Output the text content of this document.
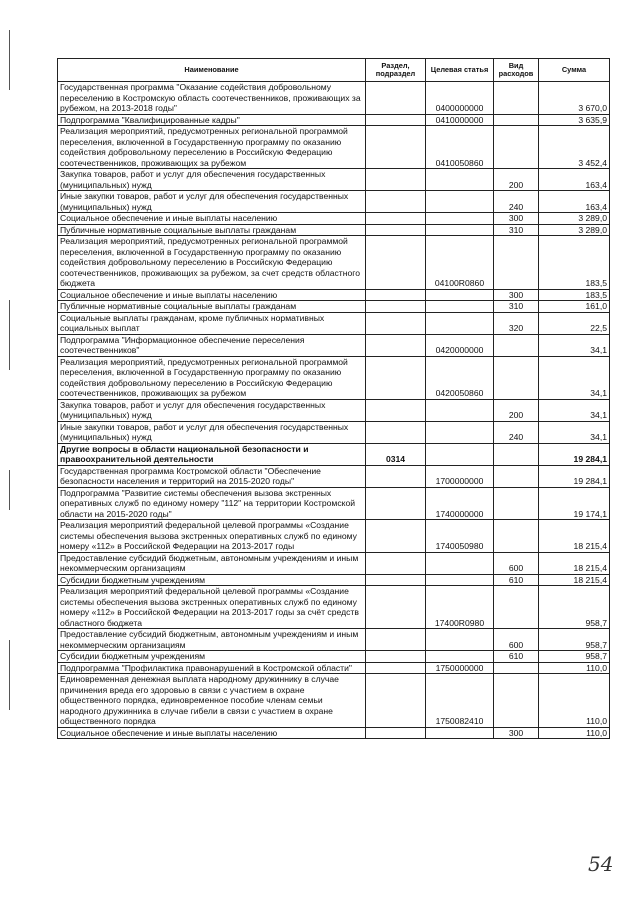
Наименование	Раздел, подраздел	Целевая статья	Вид расходов	Сумма
Государственная программа "Оказание содействия добровольному переселению в Костромскую область соотечественников, проживающих за рубежом, на 2013-2018 годы"		0400000000		3 670,0
Подпрограмма "Квалифицированные кадры"		0410000000		3 635,9
Реализация мероприятий, предусмотренных региональной программой переселения, включенной в Государственную программу по оказанию содействия добровольному переселению в Российскую Федерацию соотечественников, проживающих за рубежом		0410050860		3 452,4
Закупка товаров, работ и услуг для обеспечения государственных (муниципальных) нужд			200	163,4
Иные закупки товаров, работ и услуг для обеспечения государственных (муниципальных) нужд			240	163,4
Социальное обеспечение и иные выплаты населению			300	3 289,0
Публичные нормативные социальные выплаты гражданам			310	3 289,0
Реализация мероприятий, предусмотренных региональной программой переселения, включенной в Государственную программу по оказанию содействия добровольному переселению в Российскую Федерацию соотечественников, проживающих за рубежом, за счет средств областного бюджета		04100R0860		183,5
Социальное обеспечение и иные выплаты населению			300	183,5
Публичные нормативные социальные выплаты гражданам			310	161,0
Социальные выплаты гражданам, кроме публичных нормативных социальных выплат			320	22,5
Подпрограмма "Информационное обеспечение переселения соотечественников"		0420000000		34,1
Реализация мероприятий, предусмотренных региональной программой переселения, включенной в Государственную программу по оказанию содействия добровольному переселению в Российскую Федерацию соотечественников, проживающих за рубежом		0420050860		34,1
Закупка товаров, работ и услуг для обеспечения государственных (муниципальных) нужд			200	34,1
Иные закупки товаров, работ и услуг для обеспечения государственных (муниципальных) нужд			240	34,1
Другие вопросы в области национальной безопасности и правоохранительной деятельности	0314			19 284,1
Государственная программа Костромской области "Обеспечение безопасности населения и территорий на 2015-2020 годы"		1700000000		19 284,1
Подпрограмма "Развитие системы обеспечения вызова экстренных оперативных служб по единому номеру "112" на территории Костромской области на 2015-2020 годы"		1740000000		19 174,1
Реализация мероприятий федеральной целевой программы «Создание системы обеспечения вызова экстренных оперативных служб по единому номеру «112» в Российской Федерации на 2013-2017 годы		1740050980		18 215,4
Предоставление субсидий бюджетным, автономным учреждениям и иным некоммерческим организациям			600	18 215,4
Субсидии бюджетным учреждениям			610	18 215,4
Реализация мероприятий федеральной целевой программы «Создание системы обеспечения вызова экстренных оперативных служб по единому номеру «112» в Российской Федерации на 2013-2017 годы за счёт средств областного бюджета		17400R0980		958,7
Предоставление субсидий бюджетным, автономным учреждениям и иным некоммерческим организациям			600	958,7
Субсидии бюджетным учреждениям			610	958,7
Подпрограмма "Профилактика правонарушений в Костромской области"		1750000000		110,0
Единовременная денежная выплата народному дружиннику в случае причинения вреда его здоровью в связи с участием в охране общественного порядка, единовременное пособие членам семьи народного дружинника в случае гибели в связи с участием в охране общественного порядка		1750082410		110,0
Социальное обеспечение и иные выплаты населению			300	110,0
54
